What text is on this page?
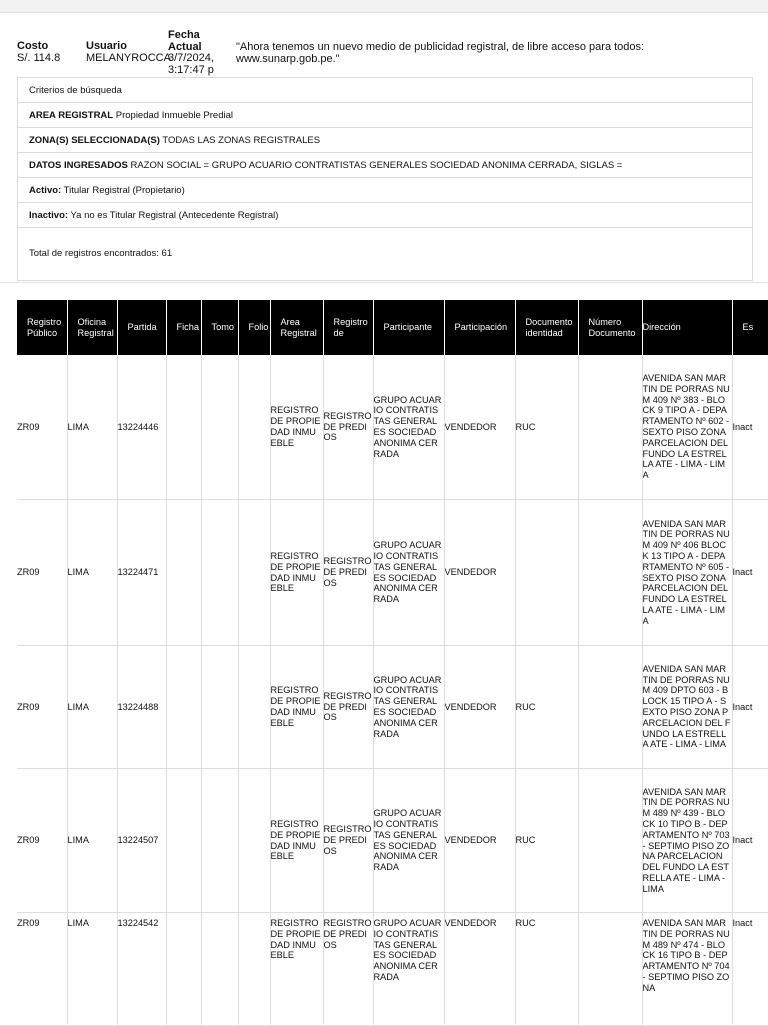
Costo
S/. 114.8
Usuario
MELANYROCCA
Fecha
Actual
3/7/2024,
3:17:47 p
"Ahora tenemos un nuevo medio de publicidad registral, de libre acceso para todos:
www.sunarp.gob.pe."
Criterios de búsqueda
AREA REGISTRAL Propiedad Inmueble Predial
ZONA(S) SELECCIONADA(S) TODAS LAS ZONAS REGISTRALES
DATOS INGRESADOS RAZON SOCIAL = GRUPO ACUARIO CONTRATISTAS GENERALES SOCIEDAD ANONIMA CERRADA, SIGLAS =
Activo: Titular Registral (Propietario)
Inactivo: Ya no es Titular Registral (Antecedente Registral)
Total de registros encontrados: 61
Registro Público	Oficina Registral	Partida	Ficha	Tomo	Folio	Area Registral	Registro de	Participante	Participación	Documento identidad	Número Documento	Dirección	Es
ZR09	LIMA	13224446				REGISTRO DE PROPIEDAD INMUEBLE	REGISTRO DE PREDIOS	GRUPO ACUARIO CONTRATISTAS GENERALES SOCIEDAD ANONIMA CERRADA	VENDEDOR	RUC		AVENIDA SAN MARTIN DE PORRAS NUM 409 Nº 383 - BLOCK 9 TIPO A - DEPARTAMENTO Nº 602 - SEXTO PISO ZONA PARCELACION DEL FUNDO LA ESTRELLA ATE - LIMA - LIMA	Inact
ZR09	LIMA	13224471				REGISTRO DE PROPIEDAD INMUEBLE	REGISTRO DE PREDIOS	GRUPO ACUARIO CONTRATISTAS GENERALES SOCIEDAD ANONIMA CERRADA	VENDEDOR			AVENIDA SAN MARTIN DE PORRAS NUM 409 Nº 406 BLOCK 13 TIPO A - DEPARTAMENTO Nº 605 - SEXTO PISO ZONA PARCELACION DEL FUNDO LA ESTRELLA ATE - LIMA - LIMA	Inact
ZR09	LIMA	13224488				REGISTRO DE PROPIEDAD INMUEBLE	REGISTRO DE PREDIOS	GRUPO ACUARIO CONTRATISTAS GENERALES SOCIEDAD ANONIMA CERRADA	VENDEDOR	RUC		AVENIDA SAN MARTIN DE PORRAS NUM 409 DPTO 603 - BLOCK 15 TIPO A - SEXTO PISO ZONA PARCELACION DEL FUNDO LA ESTRELLA ATE - LIMA - LIMA	Inact
ZR09	LIMA	13224507				REGISTRO DE PROPIEDAD INMUEBLE	REGISTRO DE PREDIOS	GRUPO ACUARIO CONTRATISTAS GENERALES SOCIEDAD ANONIMA CERRADA	VENDEDOR	RUC		AVENIDA SAN MARTIN DE PORRAS NUM 489 Nº 439 - BLOCK 10 TIPO B - DEPARTAMENTO Nº 703 - SEPTIMO PISO ZONA PARCELACION DEL FUNDO LA ESTRELLA ATE - LIMA - LIMA	Inact
ZR09	LIMA	13224542				REGISTRO DE PROPIEDAD INMUEBLE	REGISTRO DE PREDIOS	GRUPO ACUARIO CONTRATISTAS GENERALES SOCIEDAD ANONIMA CERRADA	VENDEDOR	RUC		AVENIDA SAN MARTIN DE PORRAS NUM 489 Nº 474 - BLOCK 16 TIPO B - DEPARTAMENTO Nº 704 - SEPTIMO PISO ZONA	Inact
